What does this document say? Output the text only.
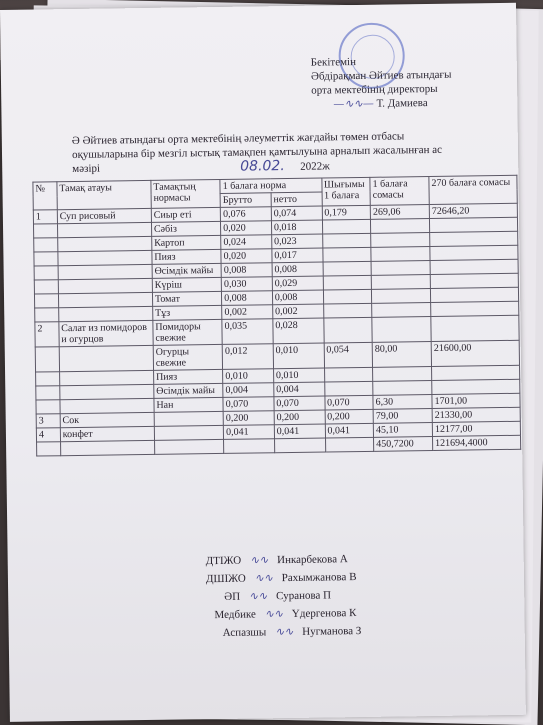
Бекітемін
Әбдірақман Әйтиев атындағы
орта мектебінің директоры
—∿∿— Т. Дамиева
Ә Әйтиев атындағы орта мектебінің әлеуметтік жағдайы төмен отбасы оқушыларына бір мезгіл ыстық тамақпен қамтылуына арналып жасалынған ас мәзірі	08.02. 2022ж
№	Тамақ атауы	Тамақтың нормасы	1 балага норма		Шығымы 1 балаға	1 балаға сомасы	270 балаға сомасы
			Брутто	нетто			
1	Суп рисовый	Сиыр еті	0,076	0,074	0,179	269,06	72646,20
		Сәбіз	0,020	0,018			
		Картоп	0,024	0,023			
		Пияз	0,020	0,017			
		Өсімдік майы	0,008	0,008			
		Күріш	0,030	0,029			
		Томат	0,008	0,008			
		Тұз	0,002	0,002			
2	Салат из помидоров и огурцов	Помидоры свежие	0,035	0,028			
		Огурцы свежие	0,012	0,010	0,054	80,00	21600,00
		Пияз	0,010	0,010			
		Өсімдік майы	0,004	0,004			
		Нан	0,070	0,070	0,070	6,30	1701,00
3	Сок		0,200	0,200	0,200	79,00	21330,00
4	конфет		0,041	0,041	0,041	45,10	12177,00
						450,7200	121694,4000
ДТІЖО ∿∿ Инкарбекова А
ДШІЖО ∿∿ Рахымжанова В
ӘП ∿∿ Суранова П
Медбике ∿∿ Үдергенова К
Аспазшы ∿∿ Нугманова З
